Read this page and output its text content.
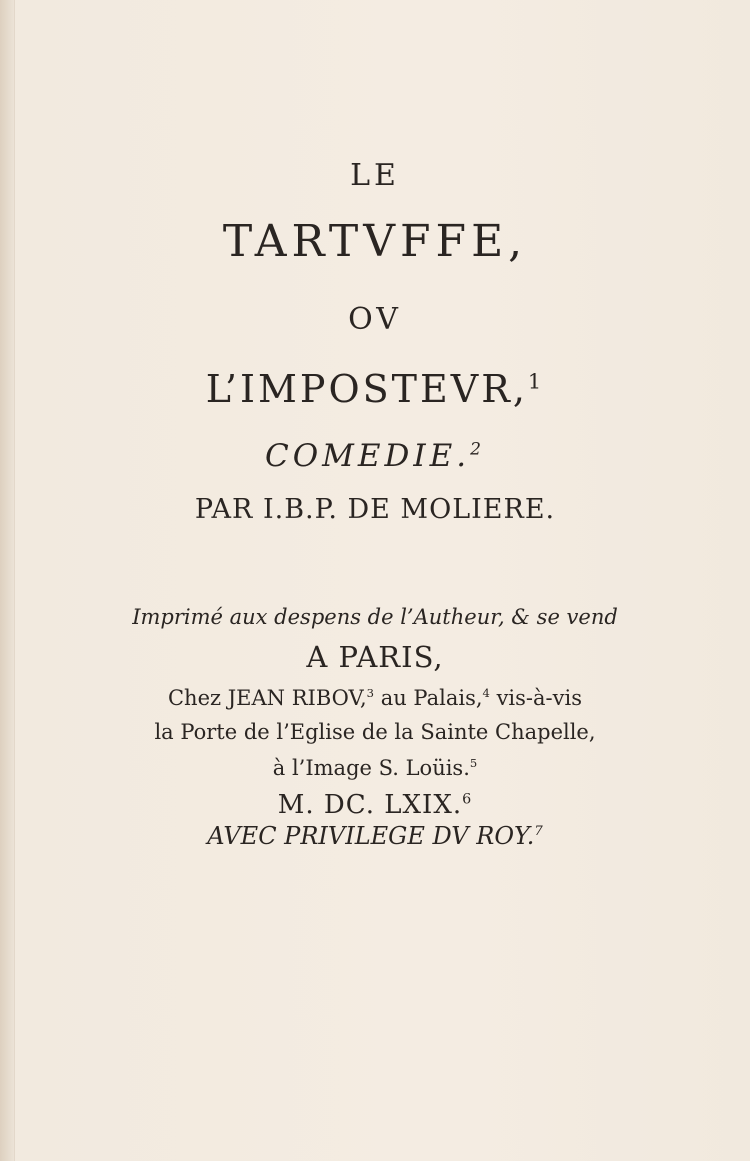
LE
TARTVFFE,
OV
L’IMPOSTEVR,$^1$
COMEDIE.$^2$
PAR I.B.P. DE MOLIERE.
Imprimé aux despens de l’Autheur, & se vend
A PARIS,
Chez JEAN RIBOV,$^3$ au Palais,$^4$ vis-à-vis
la Porte de l’Eglise de la Sainte Chapelle,
à l’Image S. Loüis.$^5$
M. DC. LXIX.$^6$
AVEC PRIVILEGE DV ROY.$^7$
